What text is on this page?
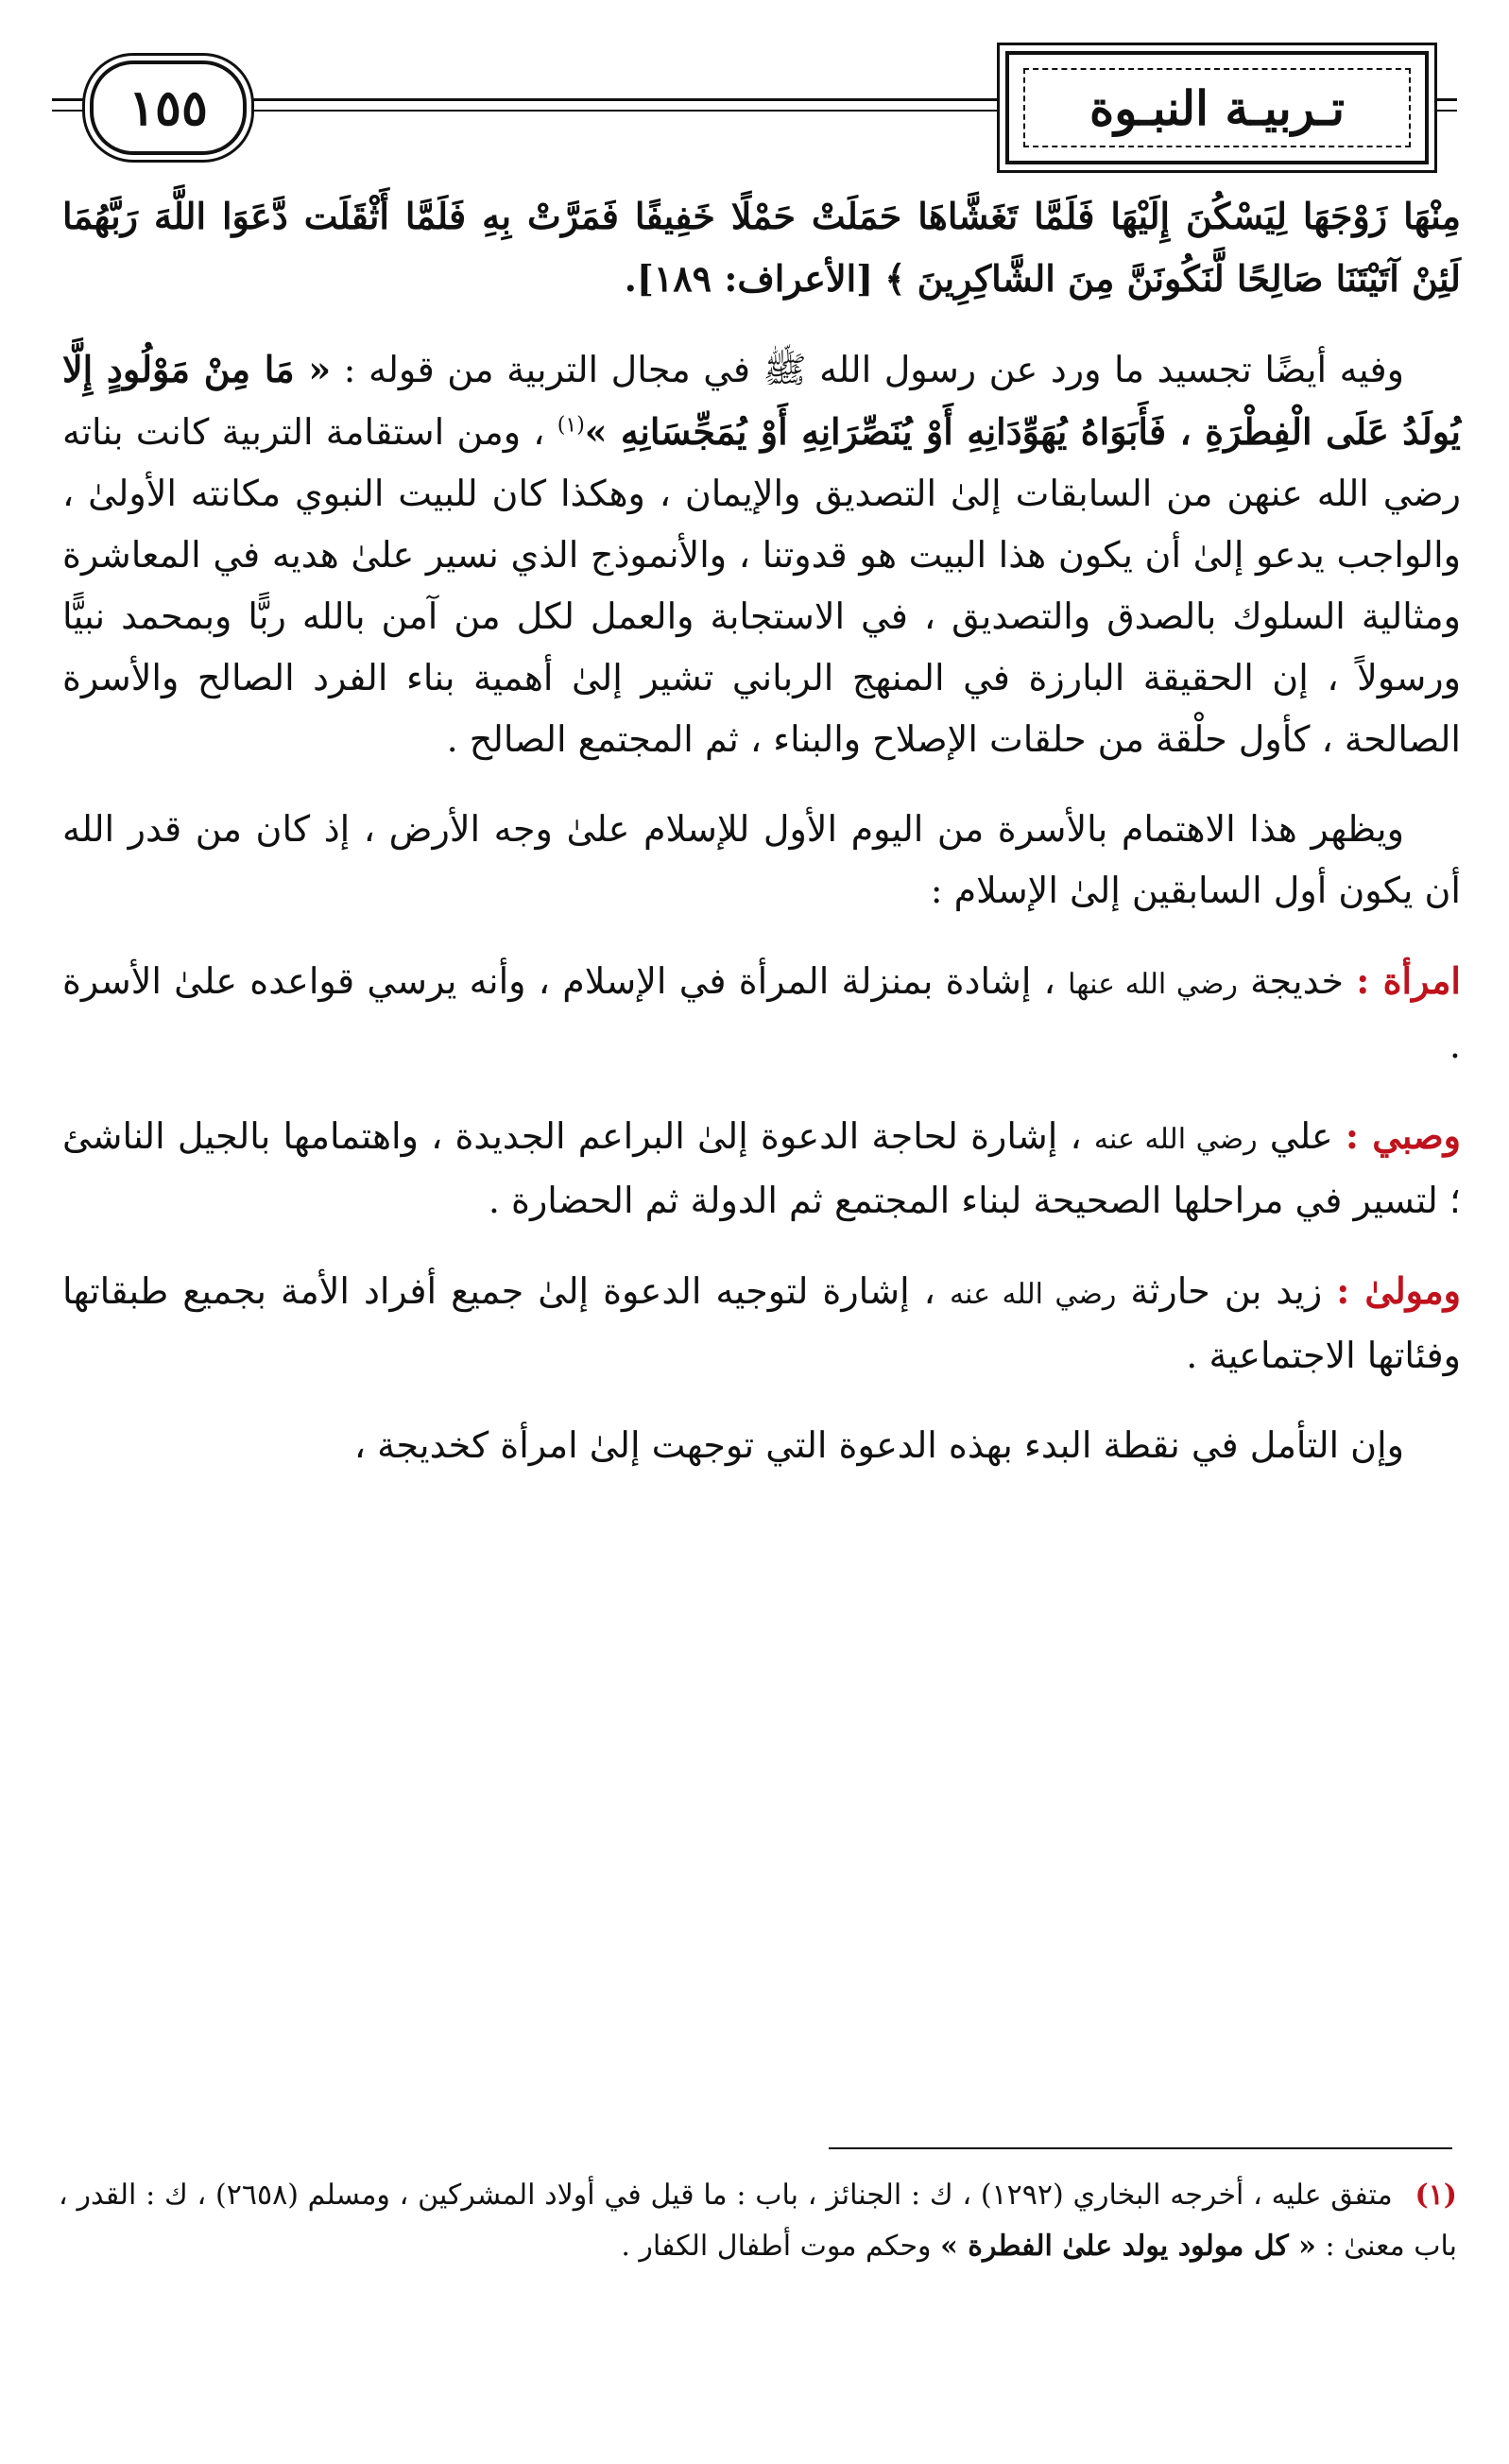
١٥٥	تـربيـة النبـوة

مِنْهَا زَوْجَهَا لِيَسْكُنَ إِلَيْهَا فَلَمَّا تَغَشَّاهَا حَمَلَتْ حَمْلًا خَفِيفًا فَمَرَّتْ بِهِ فَلَمَّا أَثْقَلَت دَّعَوَا اللَّهَ رَبَّهُمَا لَئِنْ آتَيْتَنَا صَالِحًا لَّنَكُونَنَّ مِنَ الشَّاكِرِينَ ﴾ [الأعراف: ١٨٩].

وفيه أيضًا تجسيد ما ورد عن رسول الله ﷺ في مجال التربية من قوله : « مَا مِنْ مَوْلُودٍ إِلَّا يُولَدُ عَلَى الْفِطْرَةِ ، فَأَبَوَاهُ يُهَوِّدَانِهِ أَوْ يُنَصِّرَانِهِ أَوْ يُمَجِّسَانِهِ »$^{(١)}$ ، ومن استقامة التربية كانت بناته رضي الله عنهن من السابقات إلىٰ التصديق والإيمان ، وهكذا كان للبيت النبوي مكانته الأولىٰ ، والواجب يدعو إلىٰ أن يكون هذا البيت هو قدوتنا ، والأنموذج الذي نسير علىٰ هديه في المعاشرة ومثالية السلوك بالصدق والتصديق ، في الاستجابة والعمل لكل من آمن بالله ربًّا وبمحمد نبيًّا ورسولاً ، إن الحقيقة البارزة في المنهج الرباني تشير إلىٰ أهمية بناء الفرد الصالح والأسرة الصالحة ، كأول حلْقة من حلقات الإصلاح والبناء ، ثم المجتمع الصالح .

ويظهر هذا الاهتمام بالأسرة من اليوم الأول للإسلام علىٰ وجه الأرض ، إذ كان من قدر الله أن يكون أول السابقين إلىٰ الإسلام :

امرأة : خديجة رضي الله عنها ، إشادة بمنزلة المرأة في الإسلام ، وأنه يرسي قواعده علىٰ الأسرة .

وصبي : علي رضي الله عنه ، إشارة لحاجة الدعوة إلىٰ البراعم الجديدة ، واهتمامها بالجيل الناشئ ؛ لتسير في مراحلها الصحيحة لبناء المجتمع ثم الدولة ثم الحضارة .

ومولىٰ : زيد بن حارثة رضي الله عنه ، إشارة لتوجيه الدعوة إلىٰ جميع أفراد الأمة بجميع طبقاتها وفئاتها الاجتماعية .

وإن التأمل في نقطة البدء بهذه الدعوة التي توجهت إلىٰ امرأة كخديجة ،

(١) متفق عليه ، أخرجه البخاري (١٢٩٢) ، ك : الجنائز ، باب : ما قيل في أولاد المشركين ، ومسلم (٢٦٥٨) ، ك : القدر ، باب معنىٰ : « كل مولود يولد علىٰ الفطرة » وحكم موت أطفال الكفار .
